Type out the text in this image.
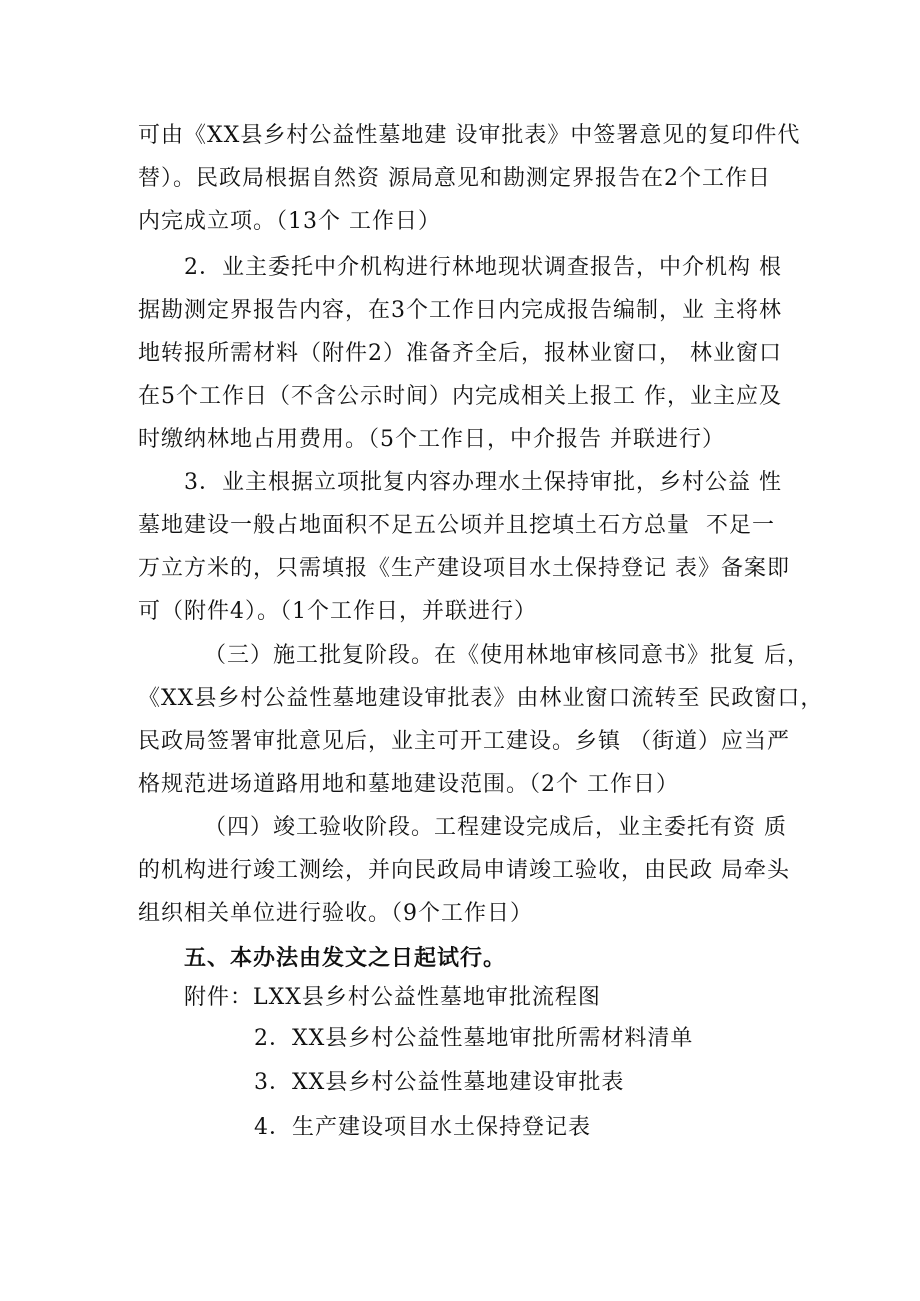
可由《XX县乡村公益性墓地建 设审批表》中签署意见的复印件代
替）。民政局根据自然资 源局意见和勘测定界报告在2个工作日
内完成立项。（13个 工作日）
2．业主委托中介机构进行林地现状调查报告，中介机构 根
据勘测定界报告内容，在3个工作日内完成报告编制，业 主将林
地转报所需材料（附件2）准备齐全后，报林业窗口， 林业窗口
在5个工作日（不含公示时间）内完成相关上报工 作，业主应及
时缴纳林地占用费用。（5个工作日，中介报告 并联进行）
3．业主根据立项批复内容办理水土保持审批，乡村公益 性
墓地建设一般占地面积不足五公顷并且挖填土石方总量  不足一
万立方米的，只需填报《生产建设项目水土保持登记 表》备案即
可（附件4）。（1个工作日，并联进行）
（三）施工批复阶段。在《使用林地审核同意书》批复 后，
《XX县乡村公益性墓地建设审批表》由林业窗口流转至 民政窗口，
民政局签署审批意见后，业主可开工建设。乡镇 （街道）应当严
格规范进场道路用地和墓地建设范围。（2个 工作日）
（四）竣工验收阶段。工程建设完成后，业主委托有资 质
的机构进行竣工测绘，并向民政局申请竣工验收，由民政 局牵头
组织相关单位进行验收。（9个工作日）
五、本办法由发文之日起试行。
附件：LXX县乡村公益性墓地审批流程图
2．XX县乡村公益性墓地审批所需材料清单
3．XX县乡村公益性墓地建设审批表
4．生产建设项目水土保持登记表
